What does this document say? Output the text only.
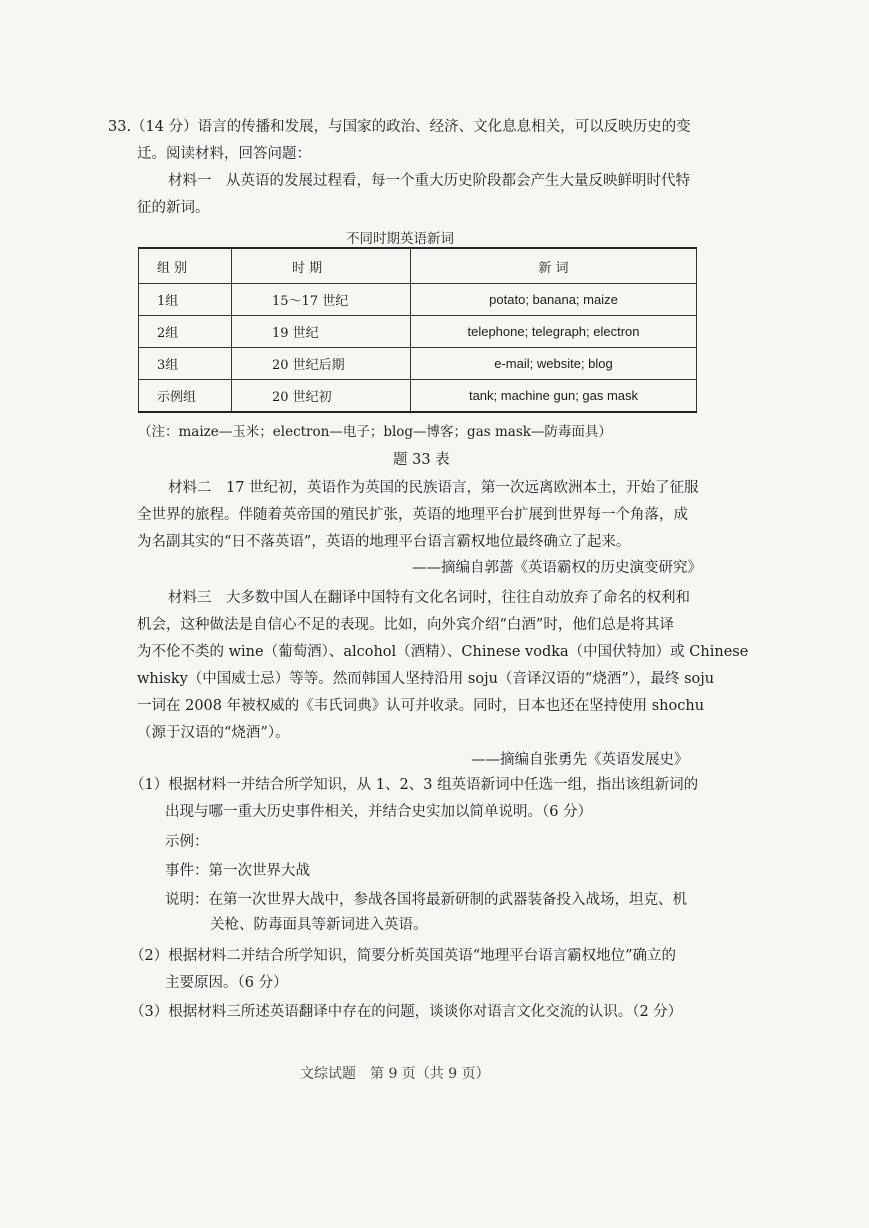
33.（14 分）语言的传播和发展，与国家的政治、经济、文化息息相关，可以反映历史的变
迁。阅读材料，回答问题：
材料一　从英语的发展过程看，每一个重大历史阶段都会产生大量反映鲜明时代特
征的新词。
不同时期英语新词
组 别	时 期	新 词
1组	15～17 世纪	potato; banana; maize
2组	19 世纪	telephone; telegraph; electron
3组	20 世纪后期	e-mail; website; blog
示例组	20 世纪初	tank; machine gun; gas mask
（注：maize—玉米；electron—电子；blog—博客；gas mask—防毒面具）
题 33 表
材料二　17 世纪初，英语作为英国的民族语言，第一次远离欧洲本土，开始了征服
全世界的旅程。伴随着英帝国的殖民扩张，英语的地理平台扩展到世界每一个角落，成
为名副其实的“日不落英语”，英语的地理平台语言霸权地位最终确立了起来。
——摘编自郭蔷《英语霸权的历史演变研究》
材料三　大多数中国人在翻译中国特有文化名词时，往往自动放弃了命名的权利和
机会，这种做法是自信心不足的表现。比如，向外宾介绍“白酒”时，他们总是将其译
为不伦不类的 wine（葡萄酒）、alcohol（酒精）、Chinese vodka（中国伏特加）或 Chinese
whisky（中国威士忌）等等。然而韩国人坚持沿用 soju（音译汉语的“烧酒”），最终 soju
一词在 2008 年被权威的《韦氏词典》认可并收录。同时，日本也还在坚持使用 shochu
（源于汉语的“烧酒”）。
——摘编自张勇先《英语发展史》
（1）根据材料一并结合所学知识，从 1、2、3 组英语新词中任选一组，指出该组新词的
出现与哪一重大历史事件相关，并结合史实加以简单说明。（6 分）
示例：
事件：第一次世界大战
说明：在第一次世界大战中，参战各国将最新研制的武器装备投入战场，坦克、机
关枪、防毒面具等新词进入英语。
（2）根据材料二并结合所学知识，简要分析英国英语“地理平台语言霸权地位”确立的
主要原因。（6 分）
（3）根据材料三所述英语翻译中存在的问题，谈谈你对语言文化交流的认识。（2 分）
文综试题　第 9 页（共 9 页）
